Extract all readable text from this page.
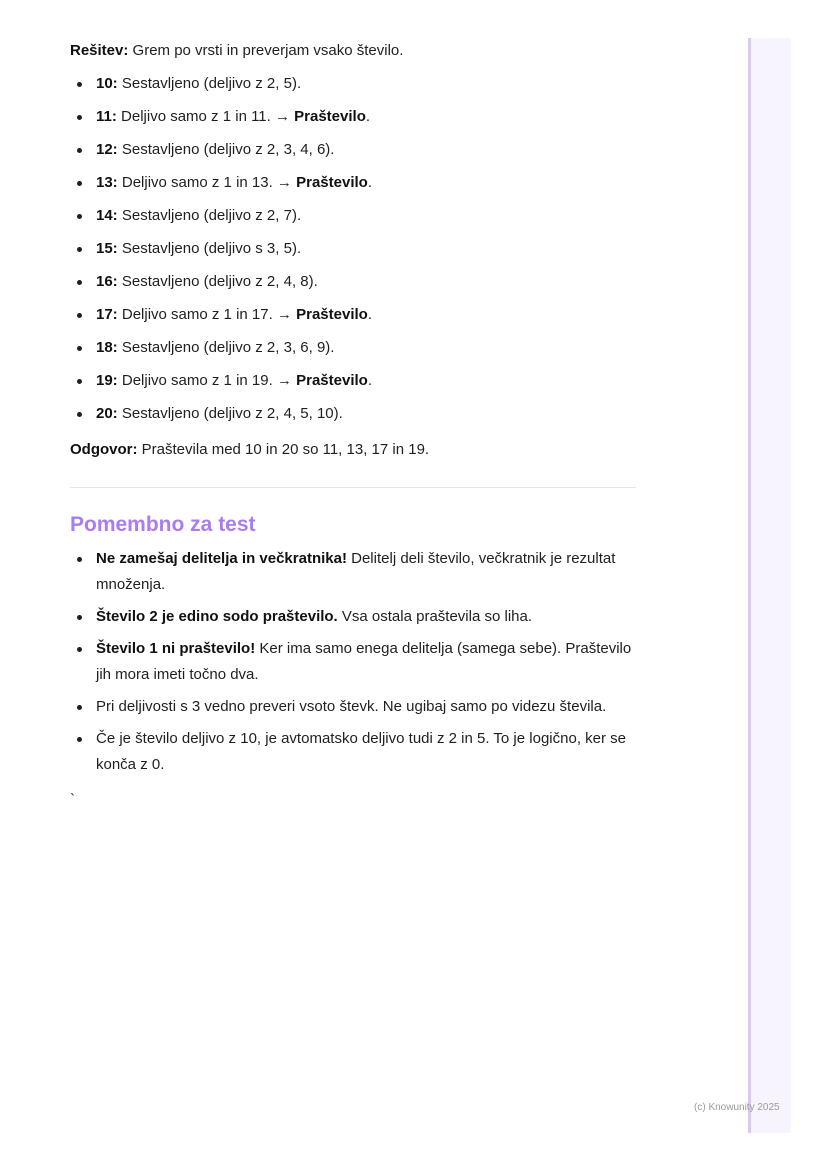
Rešitev: Grem po vrsti in preverjam vsako število.

10: Sestavljeno (deljivo z 2, 5).
11: Deljivo samo z 1 in 11. → Praštevilo.
12: Sestavljeno (deljivo z 2, 3, 4, 6).
13: Deljivo samo z 1 in 13. → Praštevilo.
14: Sestavljeno (deljivo z 2, 7).
15: Sestavljeno (deljivo s 3, 5).
16: Sestavljeno (deljivo z 2, 4, 8).
17: Deljivo samo z 1 in 17. → Praštevilo.
18: Sestavljeno (deljivo z 2, 3, 6, 9).
19: Deljivo samo z 1 in 19. → Praštevilo.
20: Sestavljeno (deljivo z 2, 4, 5, 10).

Odgovor: Praštevila med 10 in 20 so 11, 13, 17 in 19.

Pomembno za test
Ne zamešaj delitelja in večkratnika! Delitelj deli število, večkratnik je rezultat množenja.
Število 2 je edino sodo praštevilo. Vsa ostala praštevila so liha.
Število 1 ni praštevilo! Ker ima samo enega delitelja (samega sebe). Praštevilo jih mora imeti točno dva.
Pri deljivosti s 3 vedno preveri vsoto števk. Ne ugibaj samo po videzu števila.
Če je število deljivo z 10, je avtomatsko deljivo tudi z 2 in 5. To je logično, ker se konča z 0.
`
(c) Knowunity 2025
